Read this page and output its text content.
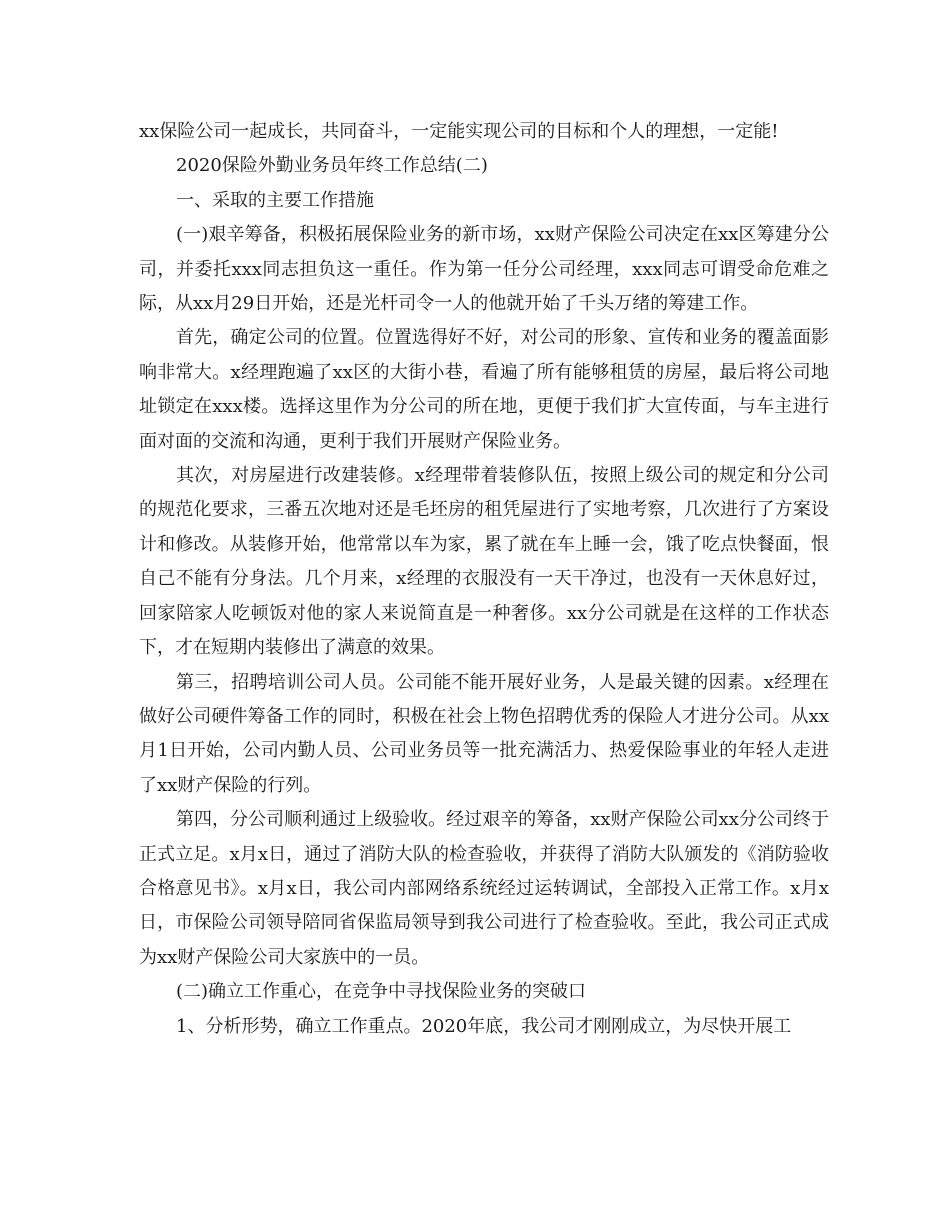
xx保险公司一起成长，共同奋斗，一定能实现公司的目标和个人的理想，一定能!

2020保险外勤业务员年终工作总结(二)

一、采取的主要工作措施

(一)艰辛筹备，积极拓展保险业务的新市场，xx财产保险公司决定在xx区筹建分公司，并委托xxx同志担负这一重任。作为第一任分公司经理，xxx同志可谓受命危难之际，从xx月29日开始，还是光杆司令一人的他就开始了千头万绪的筹建工作。

首先，确定公司的位置。位置选得好不好，对公司的形象、宣传和业务的覆盖面影响非常大。x经理跑遍了xx区的大街小巷，看遍了所有能够租赁的房屋，最后将公司地址锁定在xxx楼。选择这里作为分公司的所在地，更便于我们扩大宣传面，与车主进行面对面的交流和沟通，更利于我们开展财产保险业务。

其次，对房屋进行改建装修。x经理带着装修队伍，按照上级公司的规定和分公司的规范化要求，三番五次地对还是毛坯房的租凭屋进行了实地考察，几次进行了方案设计和修改。从装修开始，他常常以车为家，累了就在车上睡一会，饿了吃点快餐面，恨自己不能有分身法。几个月来，x经理的衣服没有一天干净过，也没有一天休息好过，回家陪家人吃顿饭对他的家人来说简直是一种奢侈。xx分公司就是在这样的工作状态下，才在短期内装修出了满意的效果。

第三，招聘培训公司人员。公司能不能开展好业务，人是最关键的因素。x经理在做好公司硬件筹备工作的同时，积极在社会上物色招聘优秀的保险人才进分公司。从xx月1日开始，公司内勤人员、公司业务员等一批充满活力、热爱保险事业的年轻人走进了xx财产保险的行列。

第四，分公司顺利通过上级验收。经过艰辛的筹备，xx财产保险公司xx分公司终于正式立足。x月x日，通过了消防大队的检查验收，并获得了消防大队颁发的《消防验收合格意见书》。x月x日，我公司内部网络系统经过运转调试，全部投入正常工作。x月x日，市保险公司领导陪同省保监局领导到我公司进行了检查验收。至此，我公司正式成为xx财产保险公司大家族中的一员。

(二)确立工作重心，在竞争中寻找保险业务的突破口

1、分析形势，确立工作重点。2020年底，我公司才刚刚成立，为尽快开展工
